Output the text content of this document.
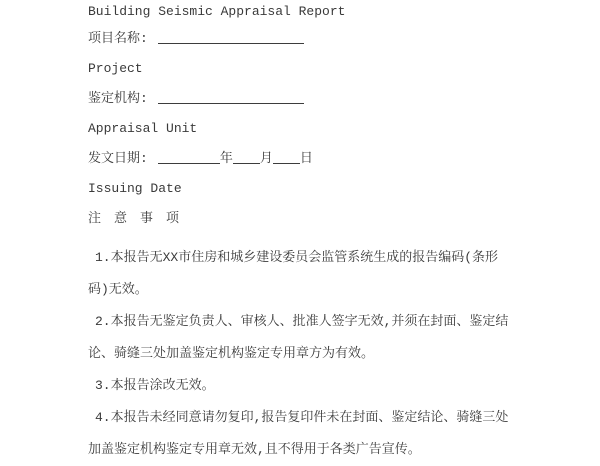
Building Seismic Appraisal Report
项目名称:
Project
鉴定机构:
Appraisal Unit
发文日期:	年 月 日
Issuing Date
注　意　事　项

1.本报告无XX市住房和城乡建设委员会监管系统生成的报告编码(条形码)无效。

2.本报告无鉴定负责人、审核人、批准人签字无效,并须在封面、鉴定结论、骑缝三处加盖鉴定机构鉴定专用章方为有效。

3.本报告涂改无效。

4.本报告未经同意请勿复印,报告复印件未在封面、鉴定结论、骑缝三处加盖鉴定机构鉴定专用章无效,且不得用于各类广告宣传。
